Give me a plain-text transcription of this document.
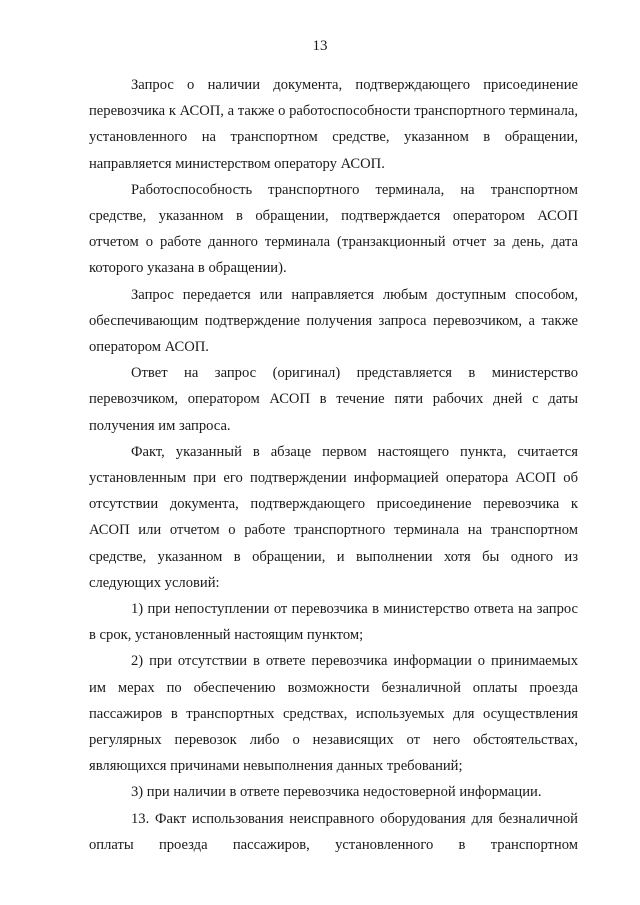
13

Запрос о наличии документа, подтверждающего присоединение перевозчика к АСОП, а также о работоспособности транспортного терминала, установленного на транспортном средстве, указанном в обращении, направляется министерством оператору АСОП.

Работоспособность транспортного терминала, на транспортном средстве, указанном в обращении, подтверждается оператором АСОП отчетом о работе данного терминала (транзакционный отчет за день, дата которого указана в обращении).

Запрос передается или направляется любым доступным способом, обеспечивающим подтверждение получения запроса перевозчиком, а также оператором АСОП.

Ответ на запрос (оригинал) представляется в министерство перевозчиком, оператором АСОП в течение пяти рабочих дней с даты получения им запроса.

Факт, указанный в абзаце первом настоящего пункта, считается установленным при его подтверждении информацией оператора АСОП об отсутствии документа, подтверждающего присоединение перевозчика к АСОП или отчетом о работе транспортного терминала на транспортном средстве, указанном в обращении, и выполнении хотя бы одного из следующих условий:

1) при непоступлении от перевозчика в министерство ответа на запрос в срок, установленный настоящим пунктом;

2) при отсутствии в ответе перевозчика информации о принимаемых им мерах по обеспечению возможности безналичной оплаты проезда пассажиров в транспортных средствах, используемых для осуществления регулярных перевозок либо о независящих от него обстоятельствах, являющихся причинами невыполнения данных требований;

3) при наличии в ответе перевозчика недостоверной информации.

13. Факт использования неисправного оборудования для безналичной оплаты проезда пассажиров, установленного в транспортном
